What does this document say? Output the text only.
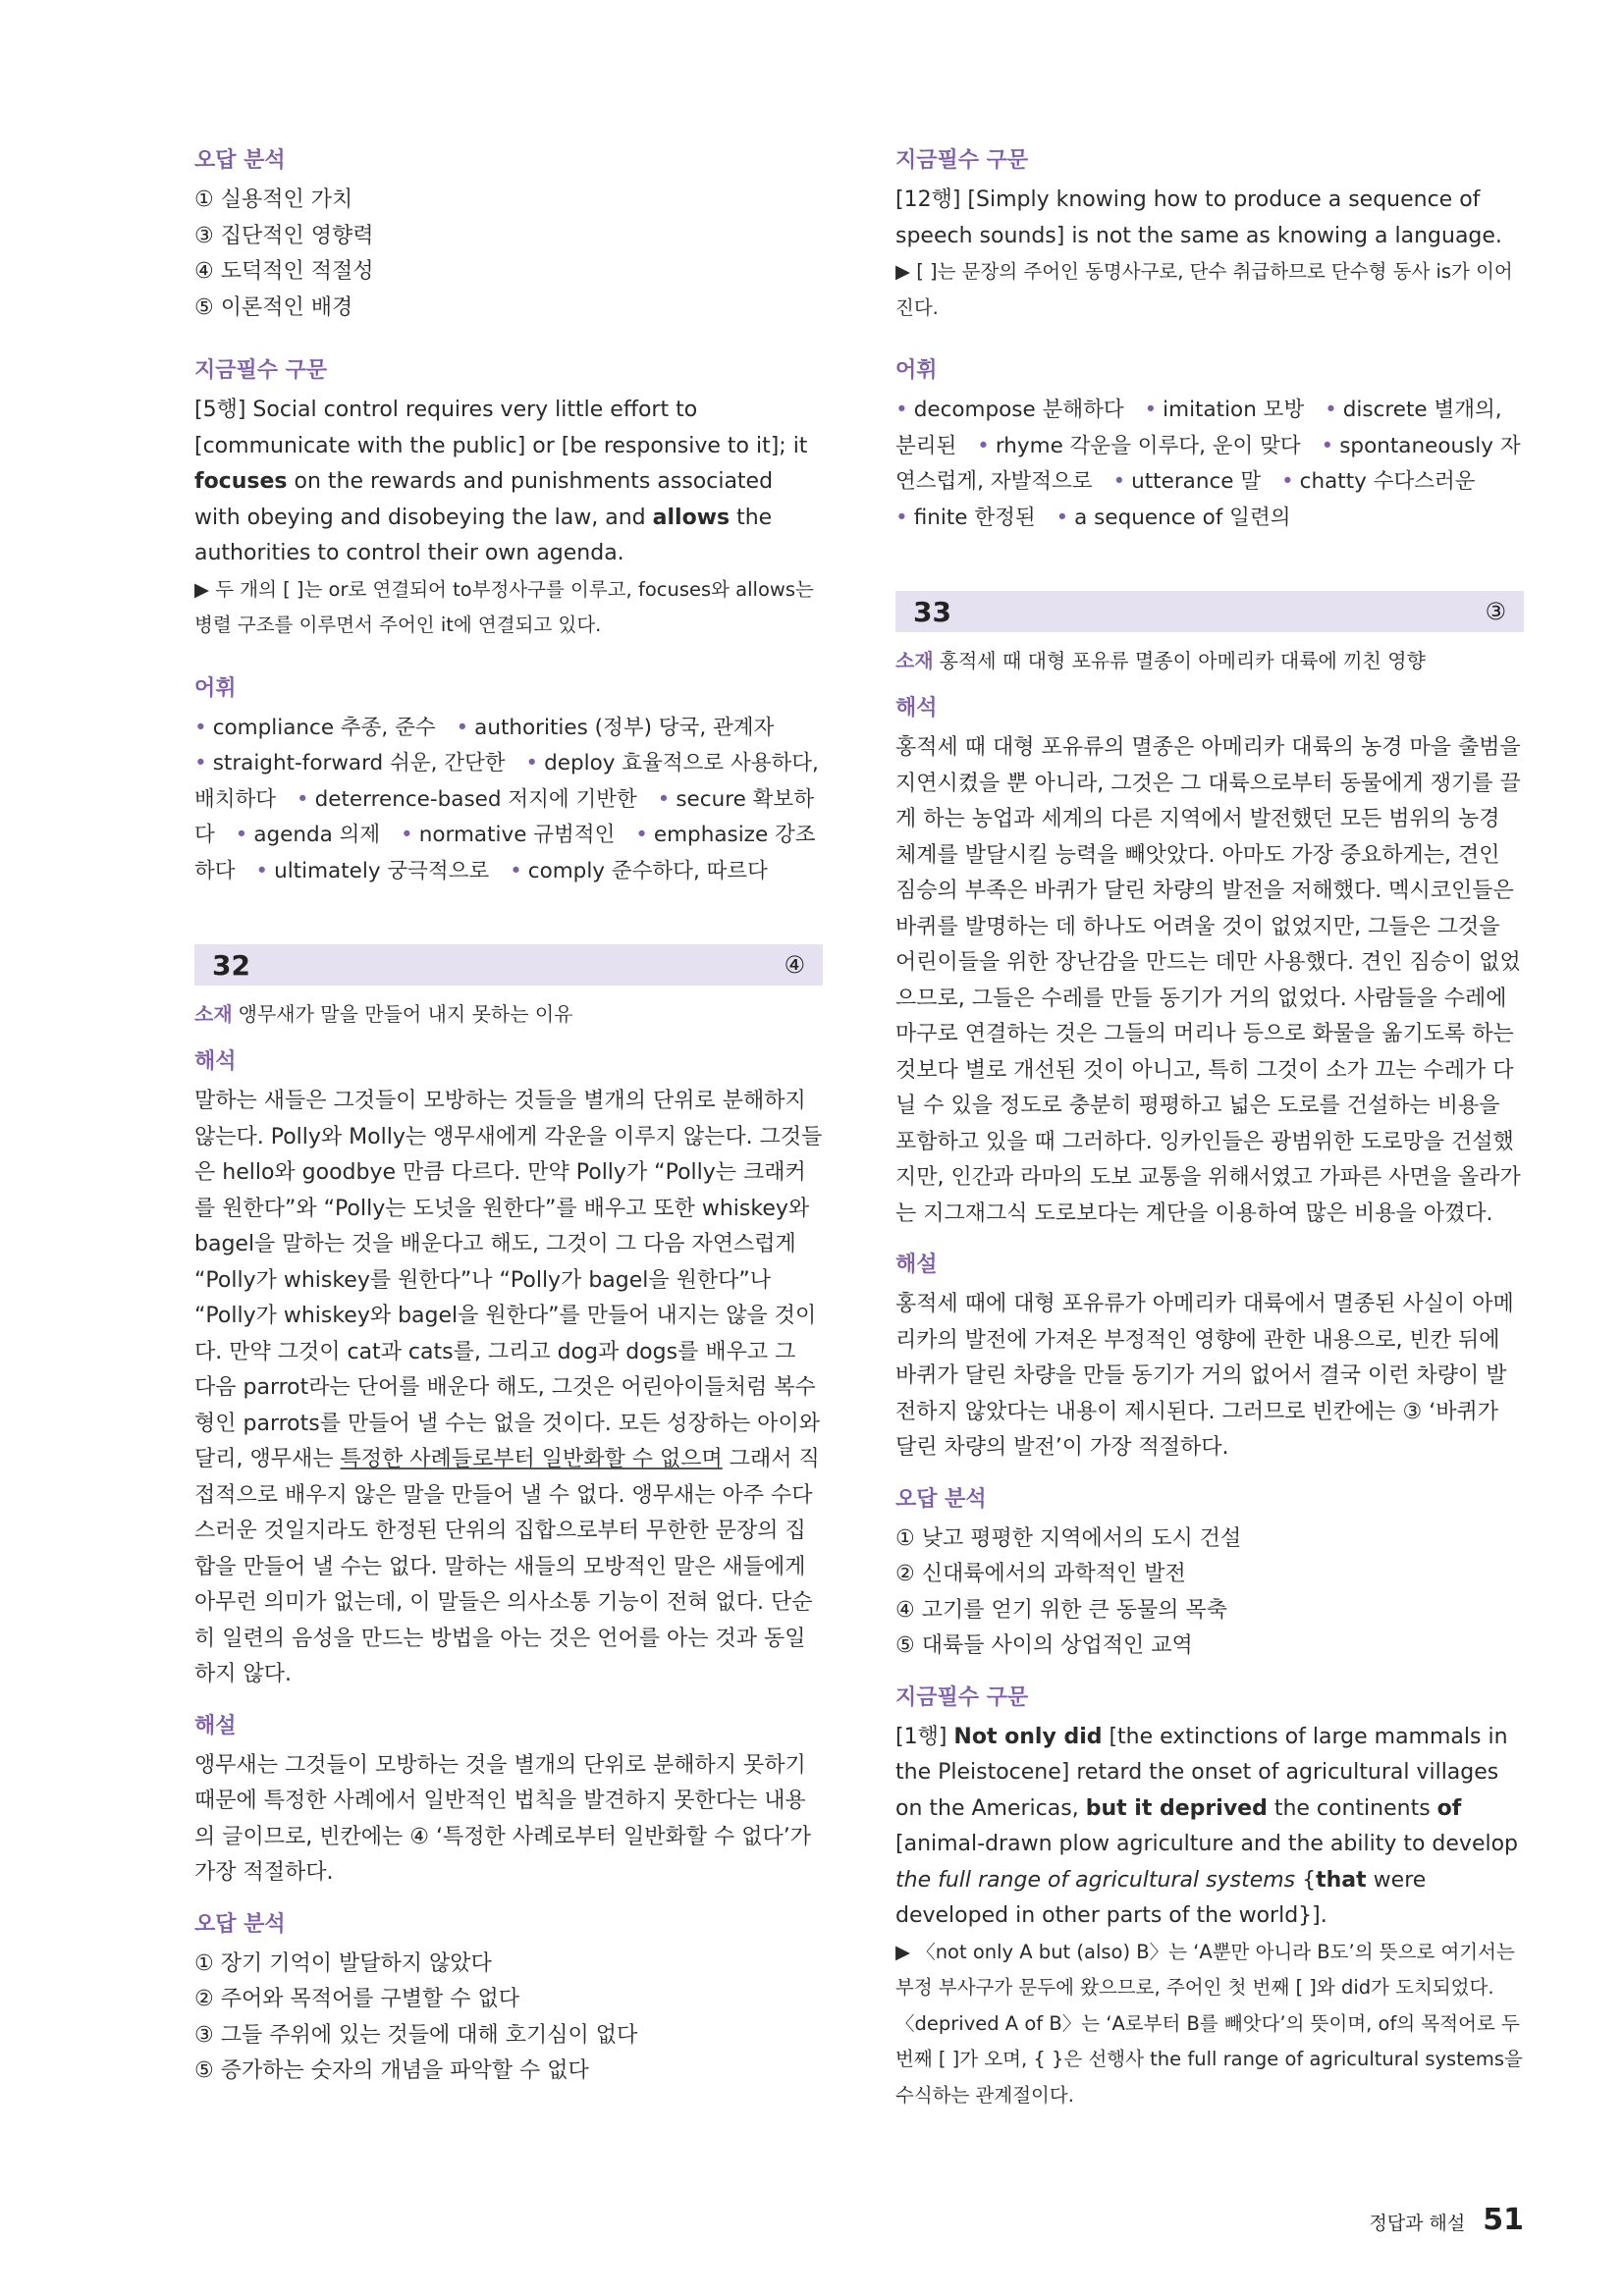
오답 분석
① 실용적인 가치
③ 집단적인 영향력
④ 도덕적인 적절성
⑤ 이론적인 배경
지금필수 구문

[5행] Social control requires very little effort to [communicate with the public] or [be responsive to it]; it focuses on the rewards and punishments associated with obeying and disobeying the law, and allows the authorities to control their own agenda.

▶ 두 개의 [ ]는 or로 연결되어 to부정사구를 이루고, focuses와 allows는 병렬 구조를 이루면서 주어인 it에 연결되고 있다.

어휘

• compliance 추종, 준수 • authorities (정부) 당국, 관계자 • straight-forward 쉬운, 간단한 • deploy 효율적으로 사용하다, 배치하다 • deterrence-based 저지에 기반한 • secure 확보하다 • agenda 의제 • normative 규범적인 • emphasize 강조하다 • ultimately 궁극적으로 • comply 준수하다, 따르다

32	④

소재 앵무새가 말을 만들어 내지 못하는 이유

해석

말하는 새들은 그것들이 모방하는 것들을 별개의 단위로 분해하지 않는다. Polly와 Molly는 앵무새에게 각운을 이루지 않는다. 그것들은 hello와 goodbye 만큼 다르다. 만약 Polly가 “Polly는 크래커를 원한다”와 “Polly는 도넛을 원한다”를 배우고 또한 whiskey와 bagel을 말하는 것을 배운다고 해도, 그것이 그 다음 자연스럽게 “Polly가 whiskey를 원한다”나 “Polly가 bagel을 원한다”나 “Polly가 whiskey와 bagel을 원한다”를 만들어 내지는 않을 것이다. 만약 그것이 cat과 cats를, 그리고 dog과 dogs를 배우고 그 다음 parrot라는 단어를 배운다 해도, 그것은 어린아이들처럼 복수형인 parrots를 만들어 낼 수는 없을 것이다. 모든 성장하는 아이와 달리, 앵무새는 특정한 사례들로부터 일반화할 수 없으며 그래서 직접적으로 배우지 않은 말을 만들어 낼 수 없다. 앵무새는 아주 수다스러운 것일지라도 한정된 단위의 집합으로부터 무한한 문장의 집합을 만들어 낼 수는 없다. 말하는 새들의 모방적인 말은 새들에게 아무런 의미가 없는데, 이 말들은 의사소통 기능이 전혀 없다. 단순히 일련의 음성을 만드는 방법을 아는 것은 언어를 아는 것과 동일하지 않다.

해설

앵무새는 그것들이 모방하는 것을 별개의 단위로 분해하지 못하기 때문에 특정한 사례에서 일반적인 법칙을 발견하지 못한다는 내용의 글이므로, 빈칸에는 ④ ‘특정한 사례로부터 일반화할 수 없다’가 가장 적절하다.

오답 분석
① 장기 기억이 발달하지 않았다
② 주어와 목적어를 구별할 수 없다
③ 그들 주위에 있는 것들에 대해 호기심이 없다
⑤ 증가하는 숫자의 개념을 파악할 수 없다
지금필수 구문

[12행] [Simply knowing how to produce a sequence of speech sounds] is not the same as knowing a language.

▶ [ ]는 문장의 주어인 동명사구로, 단수 취급하므로 단수형 동사 is가 이어진다.

어휘

• decompose 분해하다 • imitation 모방 • discrete 별개의, 분리된 • rhyme 각운을 이루다, 운이 맞다 • spontaneously 자연스럽게, 자발적으로 • utterance 말 • chatty 수다스러운 • finite 한정된 • a sequence of 일련의

33	③

소재 홍적세 때 대형 포유류 멸종이 아메리카 대륙에 끼친 영향

해석

홍적세 때 대형 포유류의 멸종은 아메리카 대륙의 농경 마을 출범을 지연시켰을 뿐 아니라, 그것은 그 대륙으로부터 동물에게 쟁기를 끌게 하는 농업과 세계의 다른 지역에서 발전했던 모든 범위의 농경 체계를 발달시킬 능력을 빼앗았다. 아마도 가장 중요하게는, 견인 짐승의 부족은 바퀴가 달린 차량의 발전을 저해했다. 멕시코인들은 바퀴를 발명하는 데 하나도 어려울 것이 없었지만, 그들은 그것을 어린이들을 위한 장난감을 만드는 데만 사용했다. 견인 짐승이 없었으므로, 그들은 수레를 만들 동기가 거의 없었다. 사람들을 수레에 마구로 연결하는 것은 그들의 머리나 등으로 화물을 옮기도록 하는 것보다 별로 개선된 것이 아니고, 특히 그것이 소가 끄는 수레가 다닐 수 있을 정도로 충분히 평평하고 넓은 도로를 건설하는 비용을 포함하고 있을 때 그러하다. 잉카인들은 광범위한 도로망을 건설했지만, 인간과 라마의 도보 교통을 위해서였고 가파른 사면을 올라가는 지그재그식 도로보다는 계단을 이용하여 많은 비용을 아꼈다.

해설

홍적세 때에 대형 포유류가 아메리카 대륙에서 멸종된 사실이 아메리카의 발전에 가져온 부정적인 영향에 관한 내용으로, 빈칸 뒤에 바퀴가 달린 차량을 만들 동기가 거의 없어서 결국 이런 차량이 발전하지 않았다는 내용이 제시된다. 그러므로 빈칸에는 ③ ‘바퀴가 달린 차량의 발전’이 가장 적절하다.

오답 분석
① 낮고 평평한 지역에서의 도시 건설
② 신대륙에서의 과학적인 발전
④ 고기를 얻기 위한 큰 동물의 목축
⑤ 대륙들 사이의 상업적인 교역
지금필수 구문

[1행] Not only did [the extinctions of large mammals in the Pleistocene] retard the onset of agricultural villages on the Americas, but it deprived the continents of [animal-drawn plow agriculture and the ability to develop the full range of agricultural systems {that were developed in other parts of the world}].

▶ 〈not only A but (also) B〉는 ‘A뿐만 아니라 B도’의 뜻으로 여기서는 부정 부사구가 문두에 왔으므로, 주어인 첫 번째 [ ]와 did가 도치되었다. 〈deprived A of B〉는 ‘A로부터 B를 빼앗다’의 뜻이며, of의 목적어로 두 번째 [ ]가 오며, { }은 선행사 the full range of agricultural systems을 수식하는 관계절이다.

정답과 해설 51
